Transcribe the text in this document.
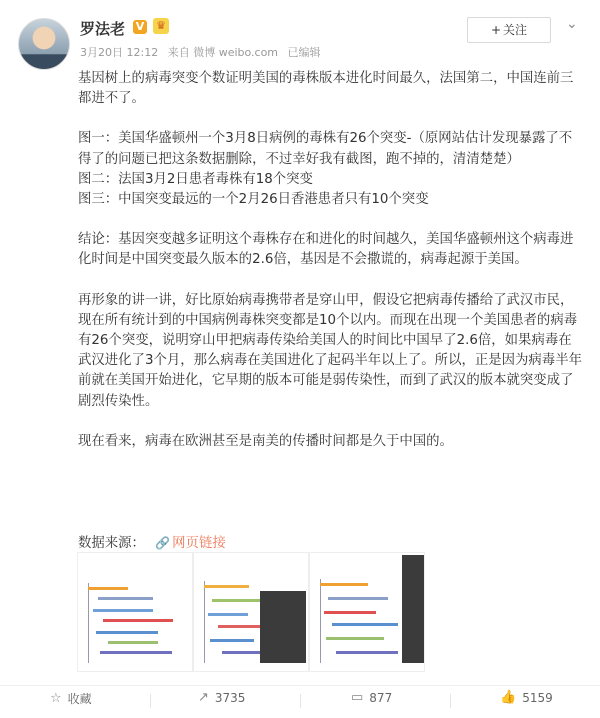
罗法老 V ♛
3月20日 12:12 来自 微博 weibo.com 已编辑
+ 关注	⌄

基因树上的病毒突变个数证明美国的毒株版本进化时间最久，法国第二，中国连前三都进不了。

图一：美国华盛顿州一个3月8日病例的毒株有26个突变-（原网站估计发现暴露了不得了的问题已把这条数据删除，不过幸好我有截图，跑不掉的，清清楚楚）

图二：法国3月2日患者毒株有18个突变

图三：中国突变最远的一个2月26日香港患者只有10个突变

结论：基因突变越多证明这个毒株存在和进化的时间越久，美国华盛顿州这个病毒进化时间是中国突变最久版本的2.6倍，基因是不会撒谎的，病毒起源于美国。

再形象的讲一讲，好比原始病毒携带者是穿山甲，假设它把病毒传播给了武汉市民，现在所有统计到的中国病例毒株突变都是10个以内。而现在出现一个美国患者的病毒有26个突变，说明穿山甲把病毒传染给美国人的时间比中国早了2.6倍，如果病毒在武汉进化了3个月，那么病毒在美国进化了起码半年以上了。所以，正是因为病毒半年前就在美国开始进化，它早期的版本可能是弱传染性，而到了武汉的版本就突变成了剧烈传染性。

现在看来，病毒在欧洲甚至是南美的传播时间都是久于中国的。

数据来源： 🔗 网页链接
☆ 收藏	↗ 3735	▭ 877	👍 5159
